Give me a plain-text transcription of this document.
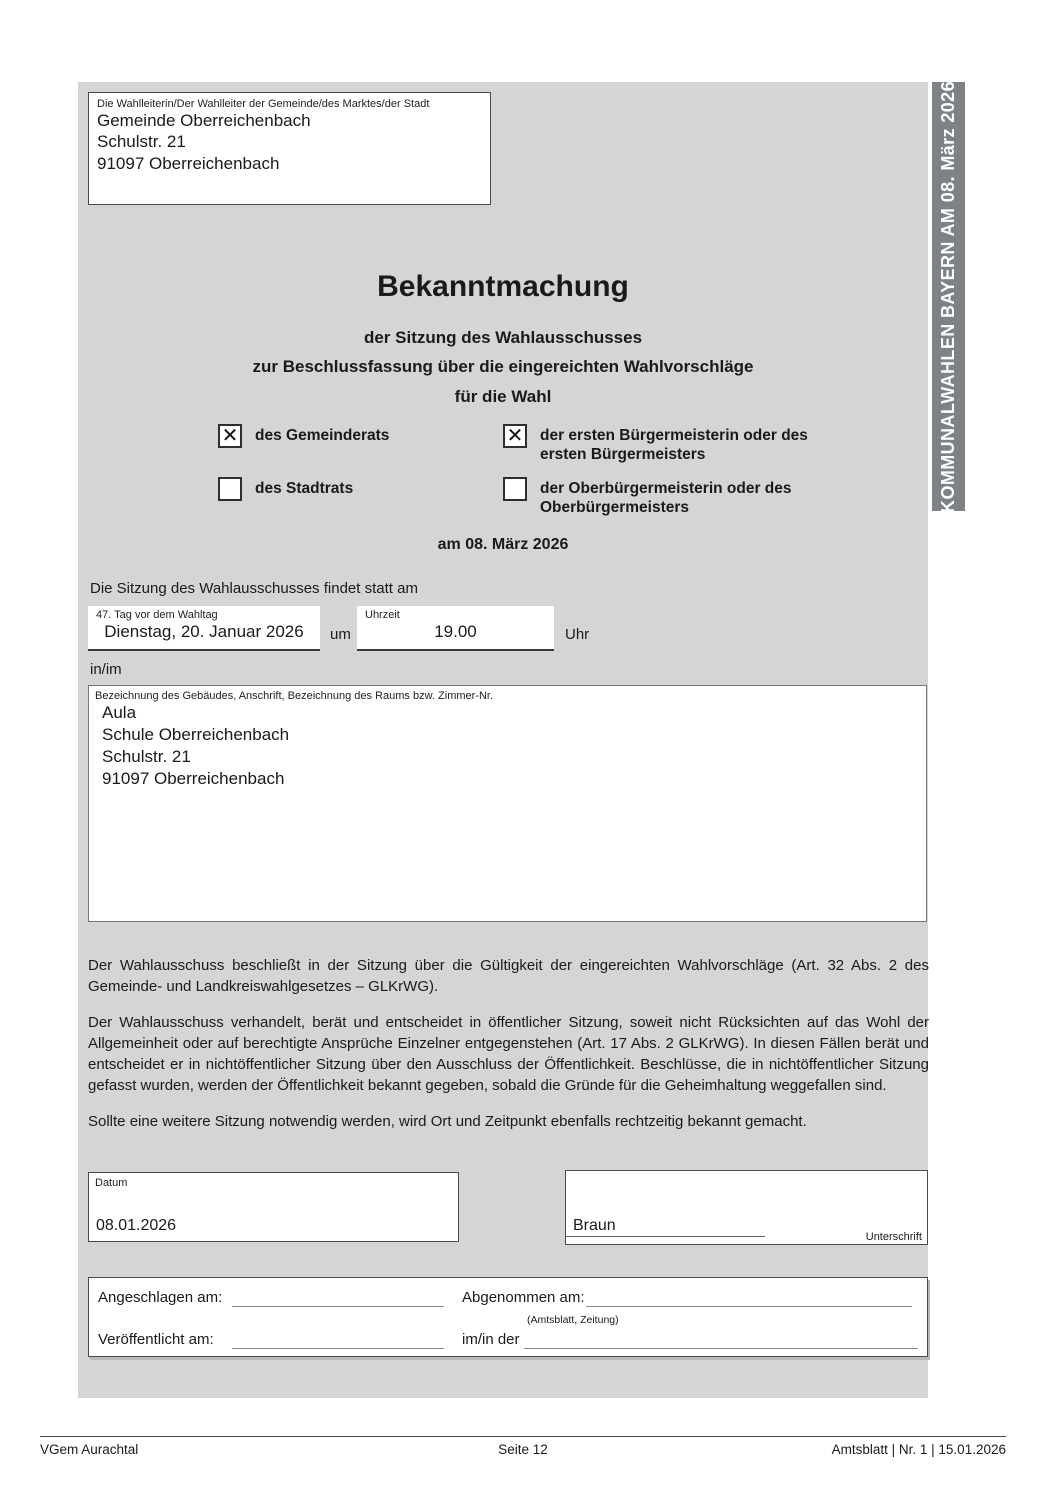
KOMMUNALWAHLEN BAYERN AM 08. März 2026
Die Wahlleiterin/Der Wahlleiter der Gemeinde/des Marktes/der Stadt
Gemeinde Oberreichenbach
Schulstr. 21
91097 Oberreichenbach
Bekanntmachung
der Sitzung des Wahlausschusses
zur Beschlussfassung über die eingereichten Wahlvorschläge
für die Wahl
✕ des Gemeinderats	✕ der ersten Bürgermeisterin oder des ersten Bürgermeisters
des Stadtrats	der Oberbürgermeisterin oder des Oberbürgermeisters
am 08. März 2026
Die Sitzung des Wahlausschusses findet statt am
47. Tag vor dem Wahltag
Dienstag, 20. Januar 2026	um
Uhrzeit
19.00	Uhr
in/im
Bezeichnung des Gebäudes, Anschrift, Bezeichnung des Raums bzw. Zimmer-Nr.
Aula
Schule Oberreichenbach
Schulstr. 21
91097 Oberreichenbach

Der Wahlausschuss beschließt in der Sitzung über die Gültigkeit der eingereichten Wahlvorschläge (Art. 32 Abs. 2 des Gemeinde- und Landkreiswahlgesetzes – GLKrWG).

Der Wahlausschuss verhandelt, berät und entscheidet in öffentlicher Sitzung, soweit nicht Rücksichten auf das Wohl der Allgemeinheit oder auf berechtigte Ansprüche Einzelner entgegenstehen (Art. 17 Abs. 2 GLKrWG). In diesen Fällen berät und entscheidet er in nichtöffentlicher Sitzung über den Ausschluss der Öffentlichkeit. Beschlüsse, die in nichtöffentlicher Sitzung gefasst wurden, werden der Öffentlichkeit bekannt gegeben, sobald die Gründe für die Geheimhaltung weggefallen sind.

Sollte eine weitere Sitzung notwendig werden, wird Ort und Zeitpunkt ebenfalls rechtzeitig bekannt gemacht.

Datum
08.01.2026	Braun
Unterschrift
Angeschlagen am:	Abgenommen am:
(Amtsblatt, Zeitung)
Veröffentlicht am:	im/in der
VGem Aurachtal	Seite 12	Amtsblatt | Nr. 1 | 15.01.2026
